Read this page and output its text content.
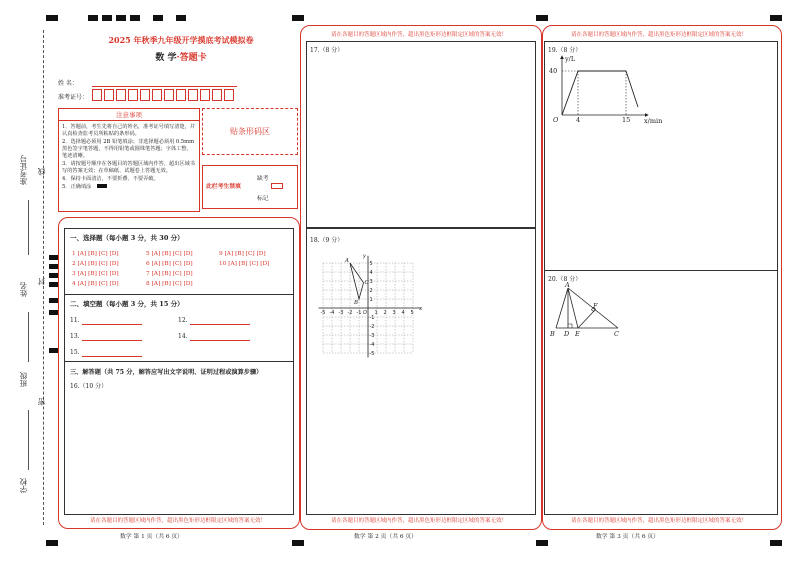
准考证号 线
姓名
封
班级
密
学校
2025 年秋季九年级开学摸底考试模拟卷
数 学·答题卡
姓 名：
准考证号：
注意事项
1．答题前，考生先将自己的姓名，准考证号填写清楚，并认真检查监考员所粘贴的条形码。
2．选择题必须用 2B 铅笔填涂；非选择题必须用 0.5mm 黑色签字笔答题，不得用铅笔或圆珠笔答题；字体工整、笔迹清晰。
3．请按题号顺序在各题目的答题区域内作答，超出区域书写的答案无效；在草稿纸、试题卷上答题无效。
4．保持卡面清洁，不要折叠、不要弄破。
5．正确填涂
贴条形码区
此栏考生禁填
缺考
标记
一、选择题（每小题 3 分，共 30 分）
1 [A] [B] [C] [D]	5 [A] [B] [C] [D]	9 [A] [B] [C] [D]
2 [A] [B] [C] [D]	6 [A] [B] [C] [D]	10 [A] [B] [C] [D]
3 [A] [B] [C] [D]	7 [A] [B] [C] [D]
4 [A] [B] [C] [D]	8 [A] [B] [C] [D]
二、填空题（每小题 3 分，共 15 分）
11.	12.
13.	14.
15.
三、解答题（共 75 分，解答应写出文字说明、证明过程或演算步骤）
16.（10 分）
请在各题目的答题区域内作答，超出黑色矩形边框限定区域的答案无效！
数学 第 1 页（共 6 页）
请在各题目的答题区域内作答，超出黑色矩形边框限定区域的答案无效！
17.（8 分）
18.（9 分）
-5 -4 -3 -2 -1	1 2 3 4 5
5
4
3
2
1
-1
-2
-3
-4
-5
x
y
O
A
B
C
请在各题目的答题区域内作答，超出黑色矩形边框限定区域的答案无效！
数学 第 2 页（共 6 页）
请在各题目的答题区域内作答，超出黑色矩形边框限定区域的答案无效！
19.（8 分）
y/L
40
O	4	15 x/min
20.（8 分）
A
B D E
F
C
请在各题目的答题区域内作答，超出黑色矩形边框限定区域的答案无效！
数学 第 3 页（共 6 页）
